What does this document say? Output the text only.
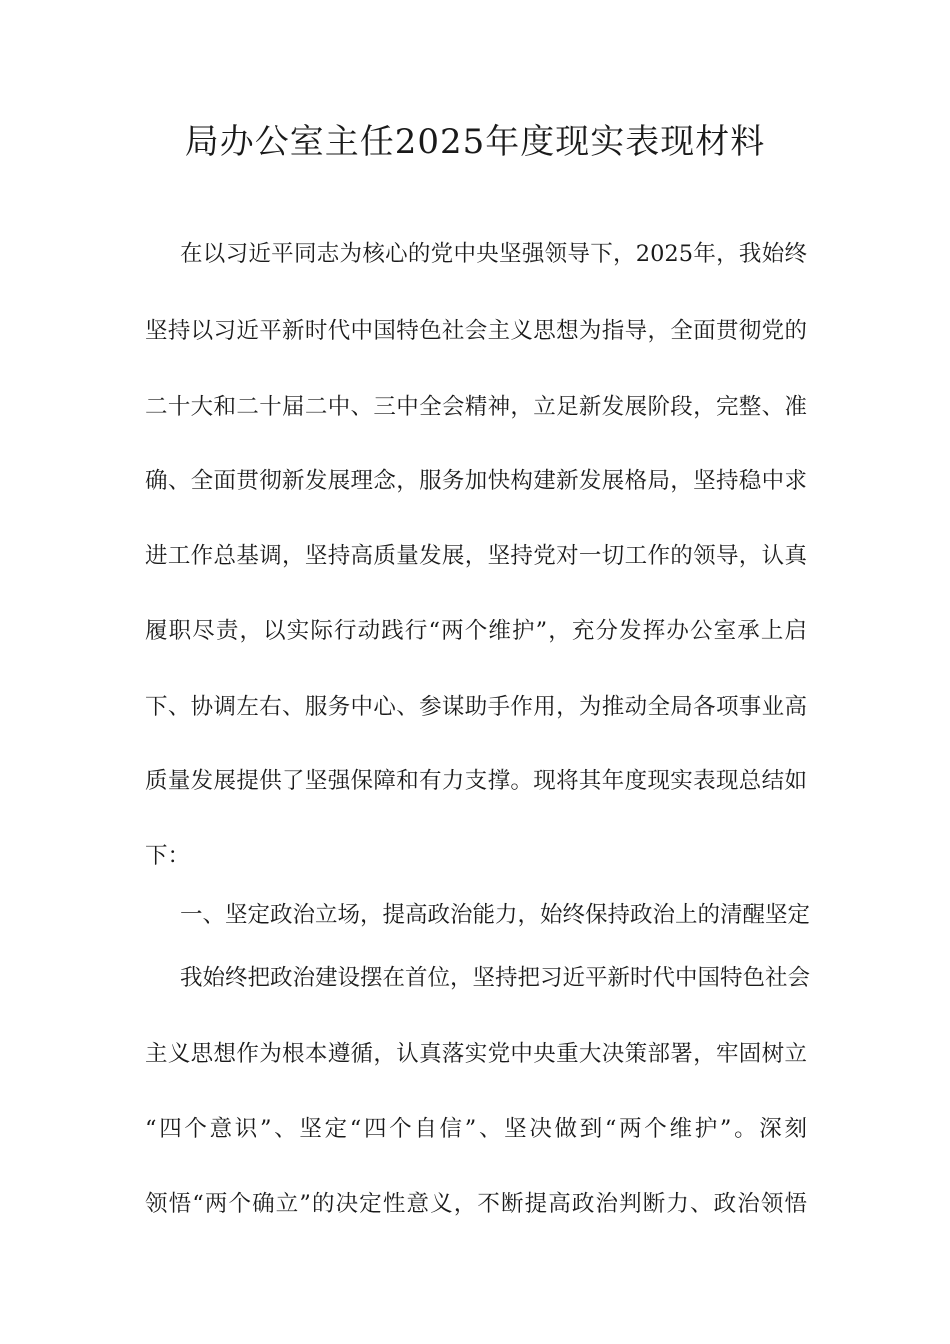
局办公室主任2025年度现实表现材料
在以习近平同志为核心的党中央坚强领导下，2025年，我始终
坚持以习近平新时代中国特色社会主义思想为指导，全面贯彻党的
二十大和二十届二中、三中全会精神，立足新发展阶段，完整、准
确、全面贯彻新发展理念，服务加快构建新发展格局，坚持稳中求
进工作总基调，坚持高质量发展，坚持党对一切工作的领导，认真
履职尽责，以实际行动践行“两个维护”，充分发挥办公室承上启
下、协调左右、服务中心、参谋助手作用，为推动全局各项事业高
质量发展提供了坚强保障和有力支撑。现将其年度现实表现总结如
下：
一、坚定政治立场，提高政治能力，始终保持政治上的清醒坚定
我始终把政治建设摆在首位，坚持把习近平新时代中国特色社会
主义思想作为根本遵循，认真落实党中央重大决策部署，牢固树立
“四个意识”、坚定“四个自信”、坚决做到“两个维护”。深刻
领悟“两个确立”的决定性意义，不断提高政治判断力、政治领悟
